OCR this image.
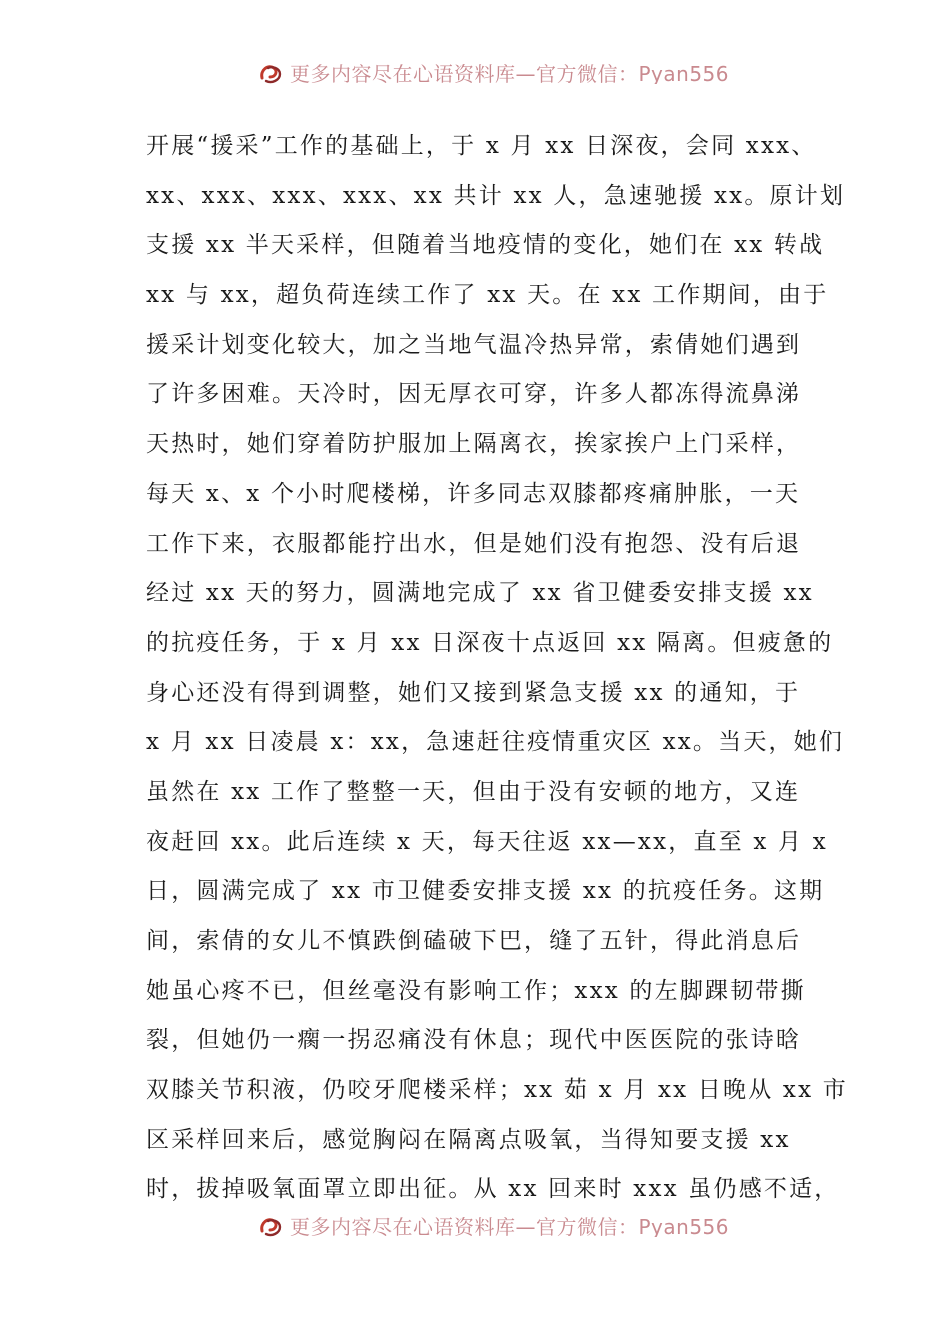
更多内容尽在心语资料库—官方微信：Pyan556
开展“援采”工作的基础上，于 x 月 xx 日深夜，会同 xxx、
xx、xxx、xxx、xxx、xx 共计 xx 人，急速驰援 xx。原计划
支援 xx 半天采样，但随着当地疫情的变化，她们在 xx 转战
xx 与 xx，超负荷连续工作了 xx 天。在 xx 工作期间，由于
援采计划变化较大，加之当地气温冷热异常，索倩她们遇到
了许多困难。天冷时，因无厚衣可穿，许多人都冻得流鼻涕
天热时，她们穿着防护服加上隔离衣，挨家挨户上门采样，
每天 x、x 个小时爬楼梯，许多同志双膝都疼痛肿胀，一天
工作下来，衣服都能拧出水，但是她们没有抱怨、没有后退
经过 xx 天的努力，圆满地完成了 xx 省卫健委安排支援 xx
的抗疫任务，于 x 月 xx 日深夜十点返回 xx 隔离。但疲惫的
身心还没有得到调整，她们又接到紧急支援 xx 的通知，于
x 月 xx 日凌晨 x：xx，急速赶往疫情重灾区 xx。当天，她们
虽然在 xx 工作了整整一天，但由于没有安顿的地方，又连
夜赶回 xx。此后连续 x 天，每天往返 xx—xx，直至 x 月 x
日，圆满完成了 xx 市卫健委安排支援 xx 的抗疫任务。这期
间，索倩的女儿不慎跌倒磕破下巴，缝了五针，得此消息后
她虽心疼不已，但丝毫没有影响工作；xxx 的左脚踝韧带撕
裂，但她仍一瘸一拐忍痛没有休息；现代中医医院的张诗晗
双膝关节积液，仍咬牙爬楼采样；xx 茹 x 月 xx 日晚从 xx 市
区采样回来后，感觉胸闷在隔离点吸氧，当得知要支援 xx
时，拔掉吸氧面罩立即出征。从 xx 回来时 xxx 虽仍感不适，
更多内容尽在心语资料库—官方微信：Pyan556
